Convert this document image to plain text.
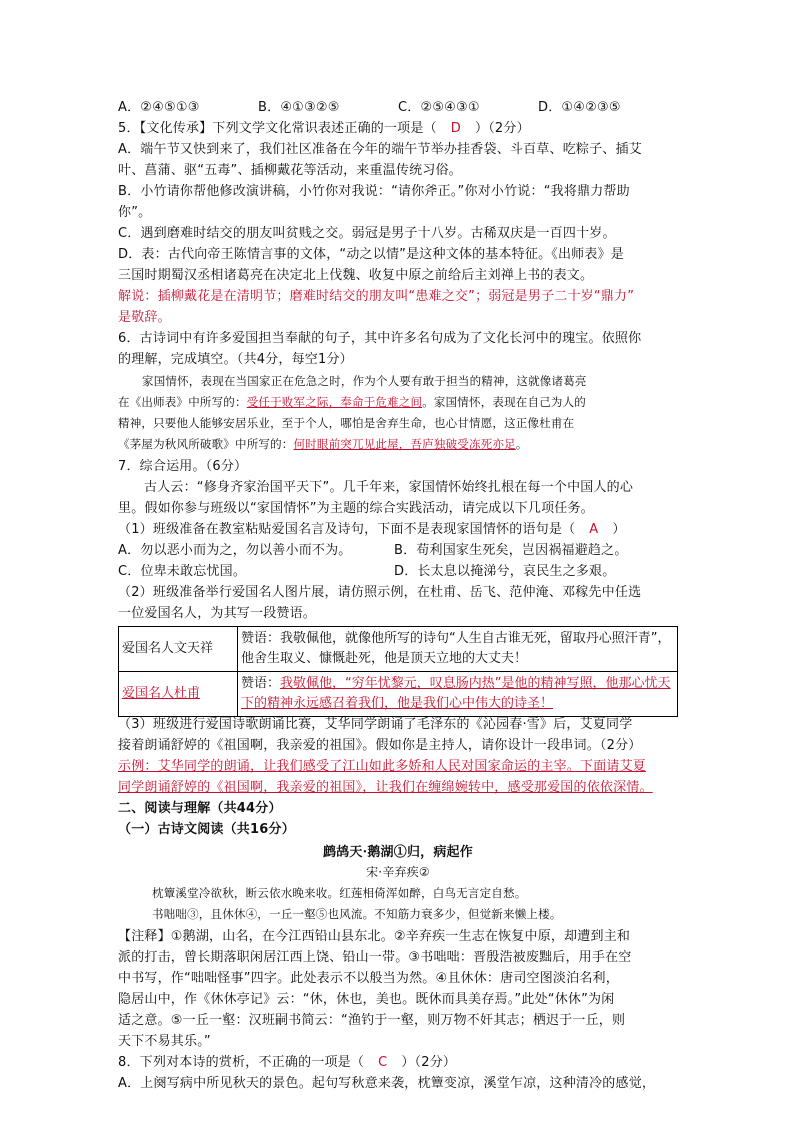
A．②④⑤①③	B．④①③②⑤	C．②⑤④③①	D．①④②③⑤
5．【文化传承】下列文学文化常识表述正确的一项是（ D ）（2分）
A．端午节又快到来了，我们社区准备在今年的端午节举办挂香袋、斗百草、吃粽子、插艾
叶、菖蒲、驱“五毒”、插柳戴花等活动，来重温传统习俗。
B．小竹请你帮他修改演讲稿，小竹你对我说：“请你斧正。”你对小竹说：“我将鼎力帮助
你”。
C．遇到磨难时结交的朋友叫贫贱之交。弱冠是男子十八岁。古稀双庆是一百四十岁。
D．表：古代向帝王陈情言事的文体，“动之以情”是这种文体的基本特征。《出师表》是
三国时期蜀汉丞相诸葛亮在决定北上伐魏、收复中原之前给后主刘禅上书的表文。
解说：插柳戴花是在清明节；磨难时结交的朋友叫“患难之交”；弱冠是男子二十岁“鼎力”
是敬辞。
6．古诗词中有许多爱国担当奉献的句子，其中许多名句成为了文化长河中的瑰宝。依照你
的理解，完成填空。（共4分，每空1分）
家国情怀，表现在当国家正在危急之时，作为个人要有敢于担当的精神，这就像诸葛亮
在《出师表》中所写的：受任于败军之际，奉命于危难之间。家国情怀，表现在自己为人的
精神，只要他人能够安居乐业，至于个人，哪怕是舍弃生命，也心甘情愿，这正像杜甫在
《茅屋为秋风所破歌》中所写的：何时眼前突兀见此屋，吾庐独破受冻死亦足。
7．综合运用。（6分）
古人云：“修身齐家治国平天下”。几千年来，家国情怀始终扎根在每一个中国人的心
里。假如你参与班级以“家国情怀”为主题的综合实践活动，请完成以下几项任务。
（1）班级准备在教室粘贴爱国名言及诗句，下面不是表现家国情怀的语句是（ A ）
A．勿以恶小而为之，勿以善小而不为。	B．苟利国家生死矣，岂因祸福避趋之。
C．位卑未敢忘忧国。	D．长太息以掩涕兮，哀民生之多艰。
（2）班级准备举行爱国名人图片展，请仿照示例，在杜甫、岳飞、范仲淹、邓稼先中任选
一位爱国名人，为其写一段赞语。
爱国名人文天祥	赞语：我敬佩他，就像他所写的诗句“人生自古谁无死，留取丹心照汗青”，他舍生取义、慷慨赴死，他是顶天立地的大丈夫！
爱国名人杜甫	赞语：我敬佩他，“穷年忧黎元，叹息肠内热”是他的精神写照，他那心忧天下的精神永远感召着我们，他是我们心中伟大的诗圣！
（3）班级进行爱国诗歌朗诵比赛，艾华同学朗诵了毛泽东的《沁园春·雪》后，艾夏同学
接着朗诵舒婷的《祖国啊，我亲爱的祖国》。假如你是主持人，请你设计一段串词。（2分）
示例：艾华同学的朗诵，让我们感受了江山如此多娇和人民对国家命运的主宰。下面请艾夏
同学朗诵舒婷的《祖国啊，我亲爱的祖国》，让我们在缠绵婉转中，感受那爱国的依依深情。
二、阅读与理解（共44分）
（一）古诗文阅读（共16分）
鹧鸪天·鹅湖①归，病起作
宋·辛弃疾②
枕簟溪堂冷欲秋，断云依水晚来收。红莲相倚浑如醉，白鸟无言定自愁。
书咄咄③，且休休④，一丘一壑⑤也风流。不知筋力衰多少，但觉新来懒上楼。
【注释】①鹅湖，山名，在今江西铅山县东北。②辛弃疾一生志在恢复中原，却遭到主和
派的打击，曾长期落职闲居江西上饶、铅山一带。③书咄咄：晋殷浩被废黜后，用手在空
中书写，作“咄咄怪事”四字。此处表示不以般当为然。④且休休：唐司空图淡泊名利，
隐居山中，作《休休亭记》云：“休，休也，美也。既休而具美存焉。”此处“休休”为闲
适之意。⑤一丘一壑：汉班嗣书简云：“渔钓于一壑，则万物不奸其志；栖迟于一丘，则
天下不易其乐。”
8．下列对本诗的赏析，不正确的一项是（ C ）（2分）
A．上阕写病中所见秋天的景色。起句写秋意来袭，枕簟变凉，溪堂乍凉，这种清冷的感觉，
